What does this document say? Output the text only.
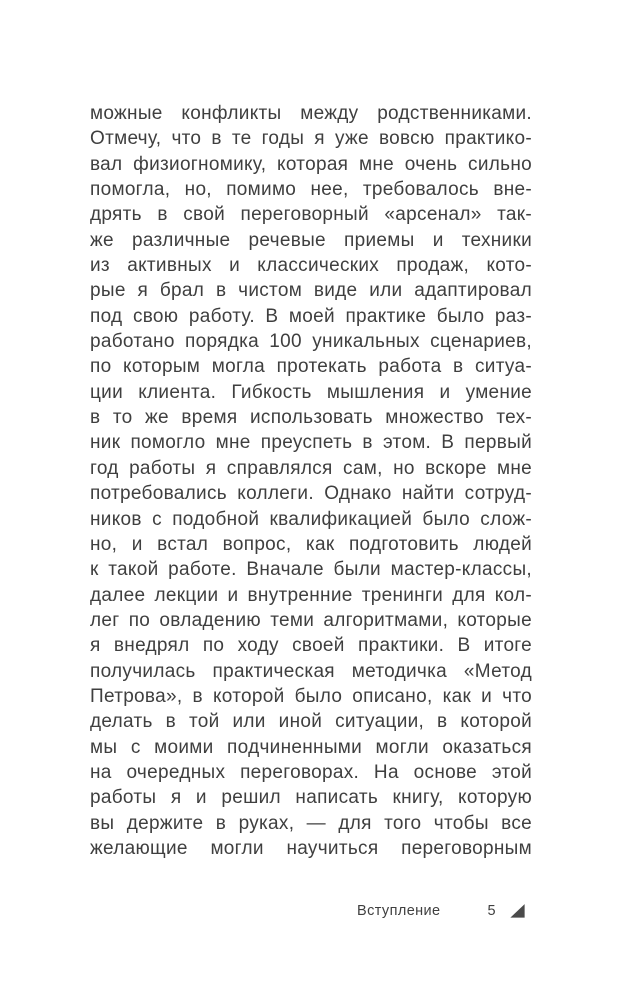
можные конфликты между родственниками.
Отмечу, что в те годы я уже вовсю практико-
вал физиогномику, которая мне очень сильно
помогла, но, помимо нее, требовалось вне-
дрять в свой переговорный «арсенал» так-
же различные речевые приемы и техники
из активных и классических продаж, кото-
рые я брал в чистом виде или адаптировал
под свою работу. В моей практике было раз-
работано порядка 100 уникальных сценариев,
по которым могла протекать работа в ситуа-
ции клиента. Гибкость мышления и умение
в то же время использовать множество тех-
ник помогло мне преуспеть в этом. В первый
год работы я справлялся сам, но вскоре мне
потребовались коллеги. Однако найти сотруд-
ников с подобной квалификацией было слож-
но, и встал вопрос, как подготовить людей
к такой работе. Вначале были мастер-классы,
далее лекции и внутренние тренинги для кол-
лег по овладению теми алгоритмами, которые
я внедрял по ходу своей практики. В итоге
получилась практическая методичка «Метод
Петрова», в которой было описано, как и что
делать в той или иной ситуации, в которой
мы с моими подчиненными могли оказаться
на очередных переговорах. На основе этой
работы я и решил написать книгу, которую
вы держите в руках, — для того чтобы все
желающие могли научиться переговорным
Вступление	5
